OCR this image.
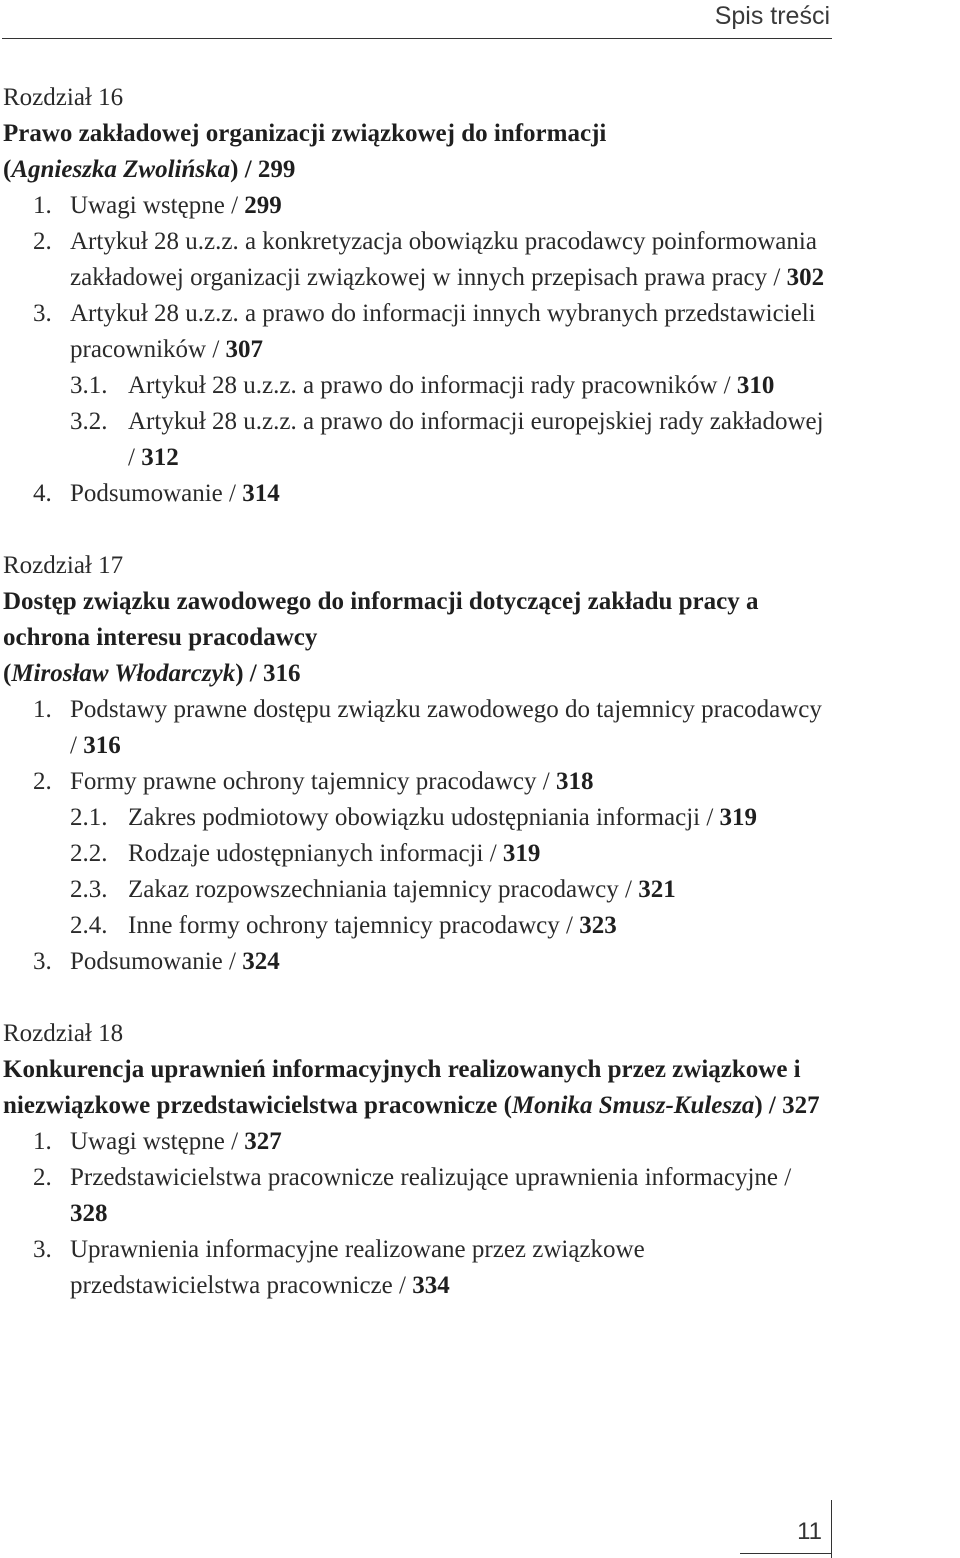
Spis treści
Rozdział 16
Prawo zakładowej organizacji związkowej do informacji
(Agnieszka Zwolińska) / 299
1. Uwagi wstępne / 299
2. Artykuł 28 u.z.z. a konkretyzacja obowiązku pracodawcy poinformowania zakładowej organizacji związkowej w innych przepisach prawa pracy / 302
3. Artykuł 28 u.z.z. a prawo do informacji innych wybranych przedstawicieli pracowników / 307
3.1. Artykuł 28 u.z.z. a prawo do informacji rady pracowników / 310
3.2. Artykuł 28 u.z.z. a prawo do informacji europejskiej rady zakładowej / 312
4. Podsumowanie / 314
Rozdział 17
Dostęp związku zawodowego do informacji dotyczącej zakładu pracy a ochrona interesu pracodawcy
(Mirosław Włodarczyk) / 316
1. Podstawy prawne dostępu związku zawodowego do tajemnicy pracodawcy / 316
2. Formy prawne ochrony tajemnicy pracodawcy / 318
2.1. Zakres podmiotowy obowiązku udostępniania informacji / 319
2.2. Rodzaje udostępnianych informacji / 319
2.3. Zakaz rozpowszechniania tajemnicy pracodawcy / 321
2.4. Inne formy ochrony tajemnicy pracodawcy / 323
3. Podsumowanie / 324
Rozdział 18
Konkurencja uprawnień informacyjnych realizowanych przez związkowe i niezwiązkowe przedstawicielstwa pracownicze (Monika Smusz-Kulesza) / 327
1. Uwagi wstępne / 327
2. Przedstawicielstwa pracownicze realizujące uprawnienia informacyjne / 328
3. Uprawnienia informacyjne realizowane przez związkowe przedstawicielstwa pracownicze / 334
11
